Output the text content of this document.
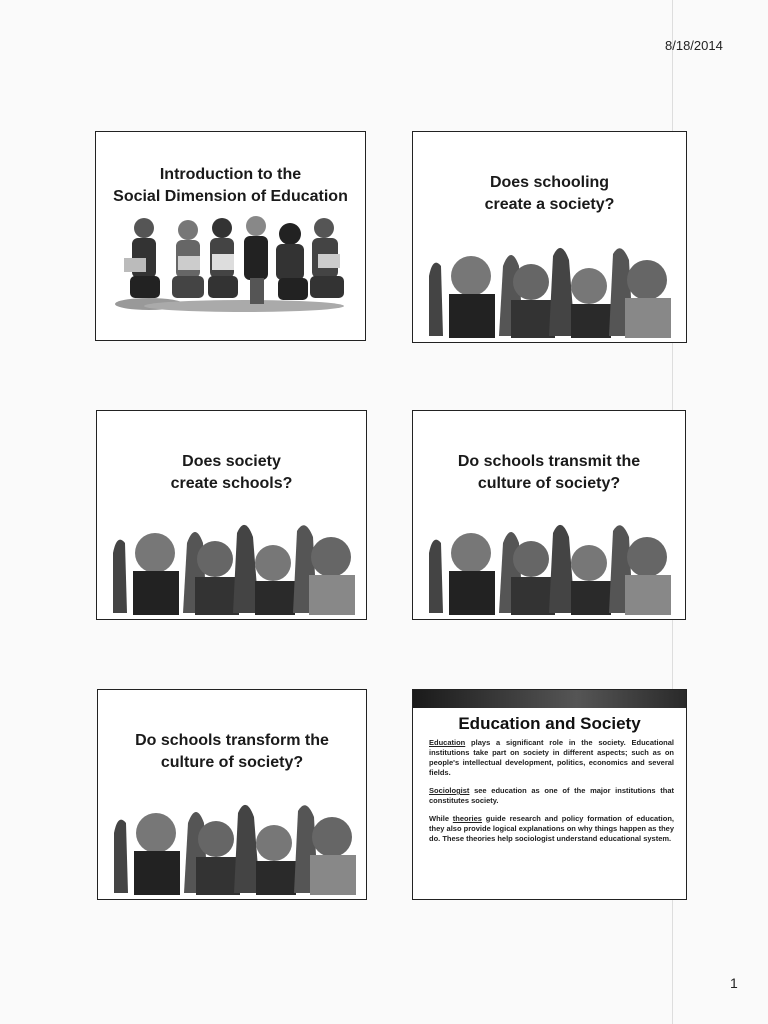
8/18/2014
Introduction to the
Social Dimension of Education
Does schooling
create a society?
Does society
create schools?
Do schools transmit the
culture of society?
Do schools transform the
culture of society?
Education and Society

Education plays a significant role in the society. Educational institutions take part on society in different aspects; such as on people's intellectual development, politics, economics and several fields.

Sociologist see education as one of the major institutions that constitutes society.

While theories guide research and policy formation of education, they also provide logical explanations on why things happen as they do. These theories help sociologist understand educational system.

1
